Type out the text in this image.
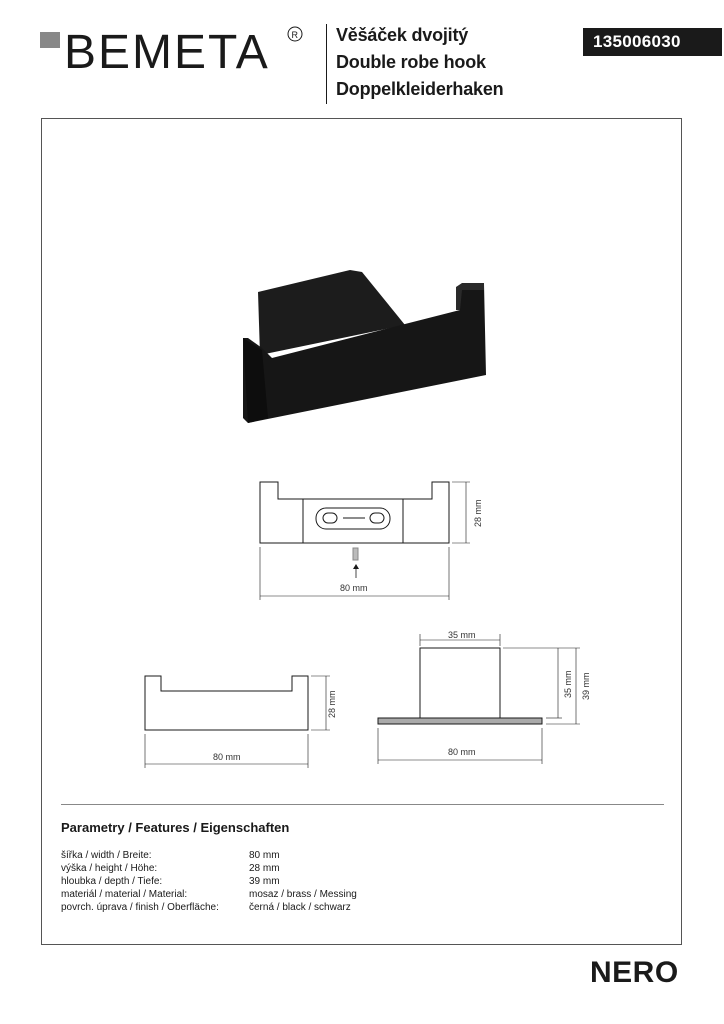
BEMETA R Věšáček dvojitý
Double robe hook
Doppelkleiderhaken
135006030
80 mm
28 mm
80 mm
28 mm
35 mm
80 mm
35 mm 39 mm
Parametry / Features / Eigenschaften
šířka / width / Breite:	80 mm
výška / height / Höhe:	28 mm
hloubka / depth / Tiefe:	39 mm
materiál / material / Material:	mosaz / brass / Messing
povrch. úprava / finish / Oberfläche:	černá / black / schwarz
NERO
